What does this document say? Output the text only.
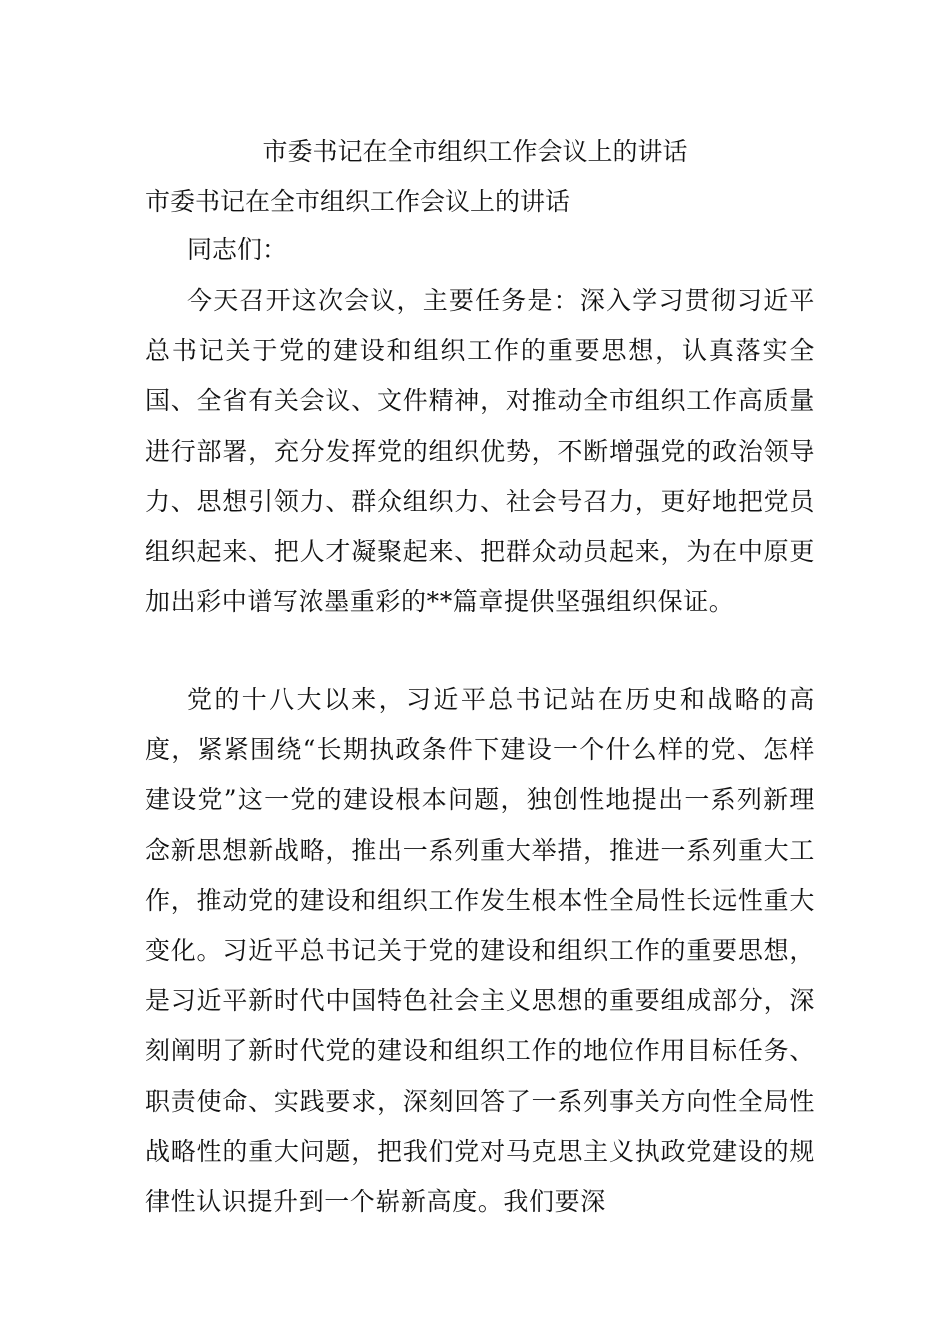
市委书记在全市组织工作会议上的讲话

市委书记在全市组织工作会议上的讲话

同志们：

今天召开这次会议，主要任务是：深入学习贯彻习近平总书记关于党的建设和组织工作的重要思想，认真落实全国、全省有关会议、文件精神，对推动全市组织工作高质量进行部署，充分发挥党的组织优势，不断增强党的政治领导力、思想引领力、群众组织力、社会号召力，更好地把党员组织起来、把人才凝聚起来、把群众动员起来，为在中原更加出彩中谱写浓墨重彩的**篇章提供坚强组织保证。

党的十八大以来，习近平总书记站在历史和战略的高度，紧紧围绕“长期执政条件下建设一个什么样的党、怎样建设党”这一党的建设根本问题，独创性地提出一系列新理念新思想新战略，推出一系列重大举措，推进一系列重大工作，推动党的建设和组织工作发生根本性全局性长远性重大变化。习近平总书记关于党的建设和组织工作的重要思想，是习近平新时代中国特色社会主义思想的重要组成部分，深刻阐明了新时代党的建设和组织工作的地位作用目标任务、职责使命、实践要求，深刻回答了一系列事关方向性全局性战略性的重大问题，把我们党对马克思主义执政党建设的规律性认识提升到一个崭新高度。我们要深
